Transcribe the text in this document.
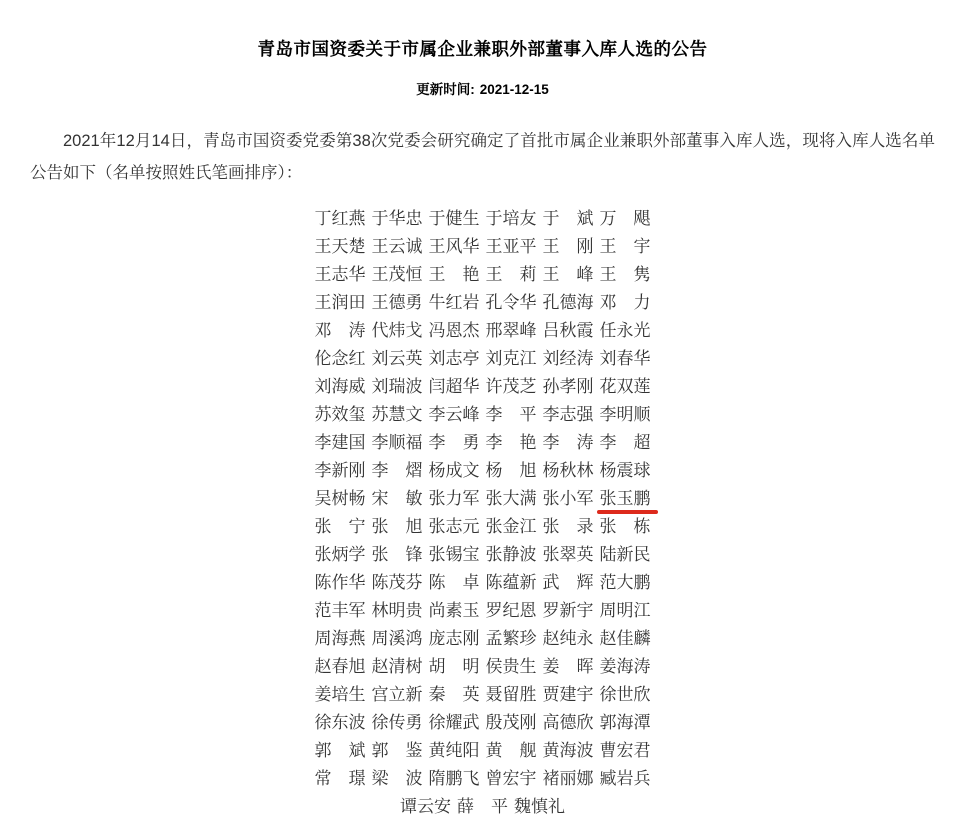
青岛市国资委关于市属企业兼职外部董事入库人选的公告
更新时间: 2021-12-15

2021年12月14日，青岛市国资委党委第38次党委会研究确定了首批市属企业兼职外部董事入库人选，现将入库人选名单公告如下（名单按照姓氏笔画排序）：

丁红燕 于华忠 于健生 于培友 于　斌 万　飓
王天楚 王云诚 王风华 王亚平 王　刚 王　宇
王志华 王茂恒 王　艳 王　莉 王　峰 王　隽
王润田 王德勇 牛红岩 孔令华 孔德海 邓　力
邓　涛 代炜戈 冯恩杰 邢翠峰 吕秋霞 任永光
伦念红 刘云英 刘志亭 刘克江 刘经涛 刘春华
刘海威 刘瑞波 闫超华 许茂芝 孙孝刚 花双莲
苏效玺 苏慧文 李云峰 李　平 李志强 李明顺
李建国 李顺福 李　勇 李　艳 李　涛 李　超
李新刚 李　熠 杨成文 杨　旭 杨秋林 杨震球
吴树畅 宋　敏 张力军 张大满 张小军 张玉鹏
张　宁 张　旭 张志元 张金江 张　录 张　栋
张炳学 张　锋 张锡宝 张静波 张翠英 陆新民
陈作华 陈茂芬 陈　卓 陈蕴新 武　辉 范大鹏
范丰军 林明贵 尚素玉 罗纪恩 罗新宇 周明江
周海燕 周溪鸿 庞志刚 孟繁珍 赵纯永 赵佳麟
赵春旭 赵清树 胡　明 侯贵生 姜　晖 姜海涛
姜培生 宫立新 秦　英 聂留胜 贾建宇 徐世欣
徐东波 徐传勇 徐耀武 殷茂刚 高德欣 郭海潭
郭　斌 郭　鉴 黄纯阳 黄　舰 黄海波 曹宏君
常　璟 梁　波 隋鹏飞 曾宏宇 褚丽娜 臧岩兵
谭云安 薛　平 魏慎礼
